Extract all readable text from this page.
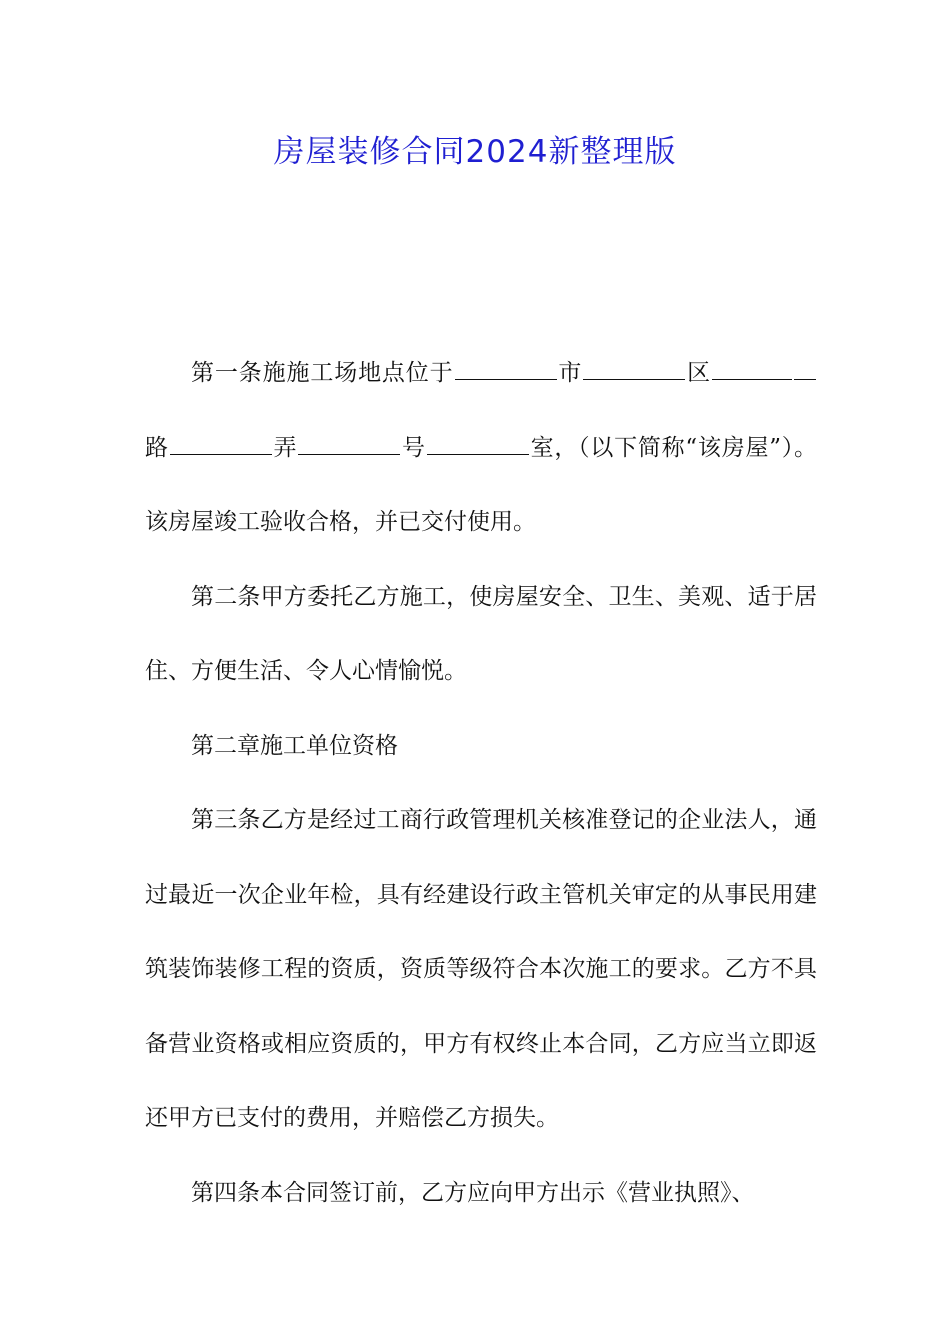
房屋装修合同2024新整理版

第一条施施工场地点位于	市	区路	弄	号	室，（以下简称“该房屋”）。该房屋竣工验收合格，并已交付使用。

第二条甲方委托乙方施工，使房屋安全、卫生、美观、适于居住、方便生活、令人心情愉悦。

第二章施工单位资格

第三条乙方是经过工商行政管理机关核准登记的企业法人，通过最近一次企业年检，具有经建设行政主管机关审定的从事民用建筑装饰装修工程的资质，资质等级符合本次施工的要求。乙方不具备营业资格或相应资质的，甲方有权终止本合同，乙方应当立即返还甲方已支付的费用，并赔偿乙方损失。

第四条本合同签订前，乙方应向甲方出示《营业执照》、
